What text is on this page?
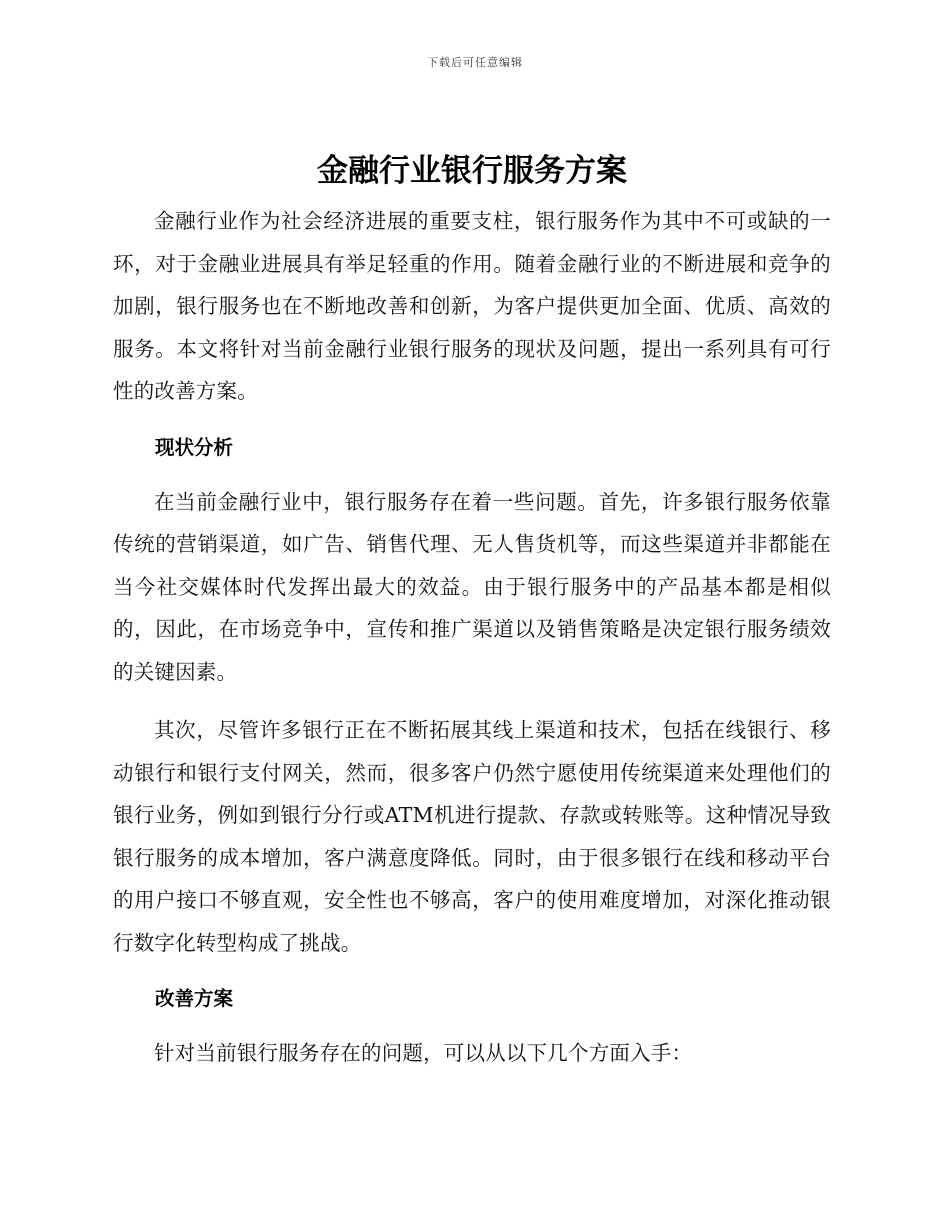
下载后可任意编辑
金融行业银行服务方案

金融行业作为社会经济进展的重要支柱，银行服务作为其中不可或缺的一环，对于金融业进展具有举足轻重的作用。随着金融行业的不断进展和竞争的加剧，银行服务也在不断地改善和创新，为客户提供更加全面、优质、高效的服务。本文将针对当前金融行业银行服务的现状及问题，提出一系列具有可行性的改善方案。

现状分析

在当前金融行业中，银行服务存在着一些问题。首先，许多银行服务依靠传统的营销渠道，如广告、销售代理、无人售货机等，而这些渠道并非都能在当今社交媒体时代发挥出最大的效益。由于银行服务中的产品基本都是相似的，因此，在市场竞争中，宣传和推广渠道以及销售策略是决定银行服务绩效的关键因素。

其次，尽管许多银行正在不断拓展其线上渠道和技术，包括在线银行、移动银行和银行支付网关，然而，很多客户仍然宁愿使用传统渠道来处理他们的银行业务，例如到银行分行或ATM机进行提款、存款或转账等。这种情况导致银行服务的成本增加，客户满意度降低。同时，由于很多银行在线和移动平台的用户接口不够直观，安全性也不够高，客户的使用难度增加，对深化推动银行数字化转型构成了挑战。

改善方案

针对当前银行服务存在的问题，可以从以下几个方面入手：
